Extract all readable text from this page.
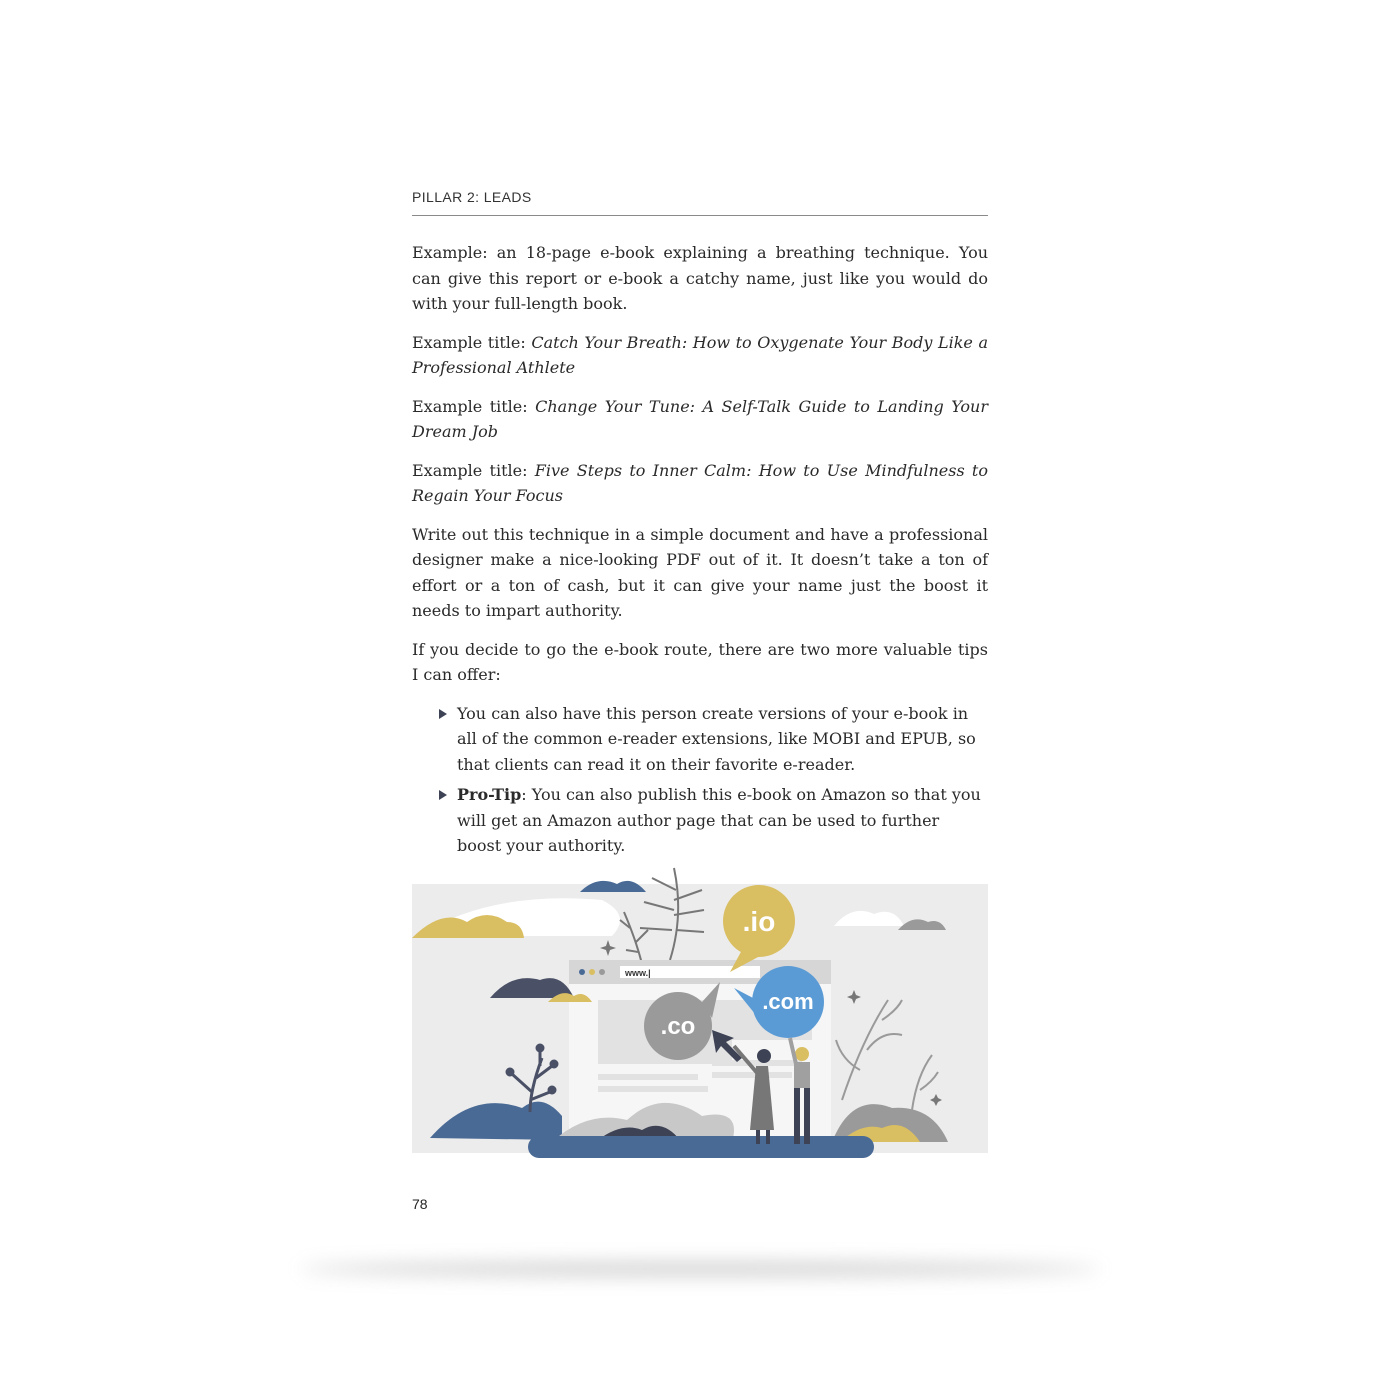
PILLAR 2: LEADS

Example: an 18-page e-book explaining a breathing technique. You can give this report or e-book a catchy name, just like you would do with your full-length book.

Example title: Catch Your Breath: How to Oxygenate Your Body Like a Professional Athlete

Example title: Change Your Tune: A Self-Talk Guide to Landing Your Dream Job

Example title: Five Steps to Inner Calm: How to Use Mindfulness to Regain Your Focus

Write out this technique in a simple document and have a professional designer make a nice-looking PDF out of it. It doesn’t take a ton of effort or a ton of cash, but it can give your name just the boost it needs to impart authority.

If you decide to go the e-book route, there are two more valuable tips I can offer:

You can also have this person create versions of your e-book in all of the common e-reader extensions, like MOBI and EPUB, so that clients can read it on their favorite e-reader.
Pro-Tip: You can also publish this e-book on Amazon so that you will get an Amazon author page that can be used to further boost your authority.
www.|
.io
.com
.co
78
